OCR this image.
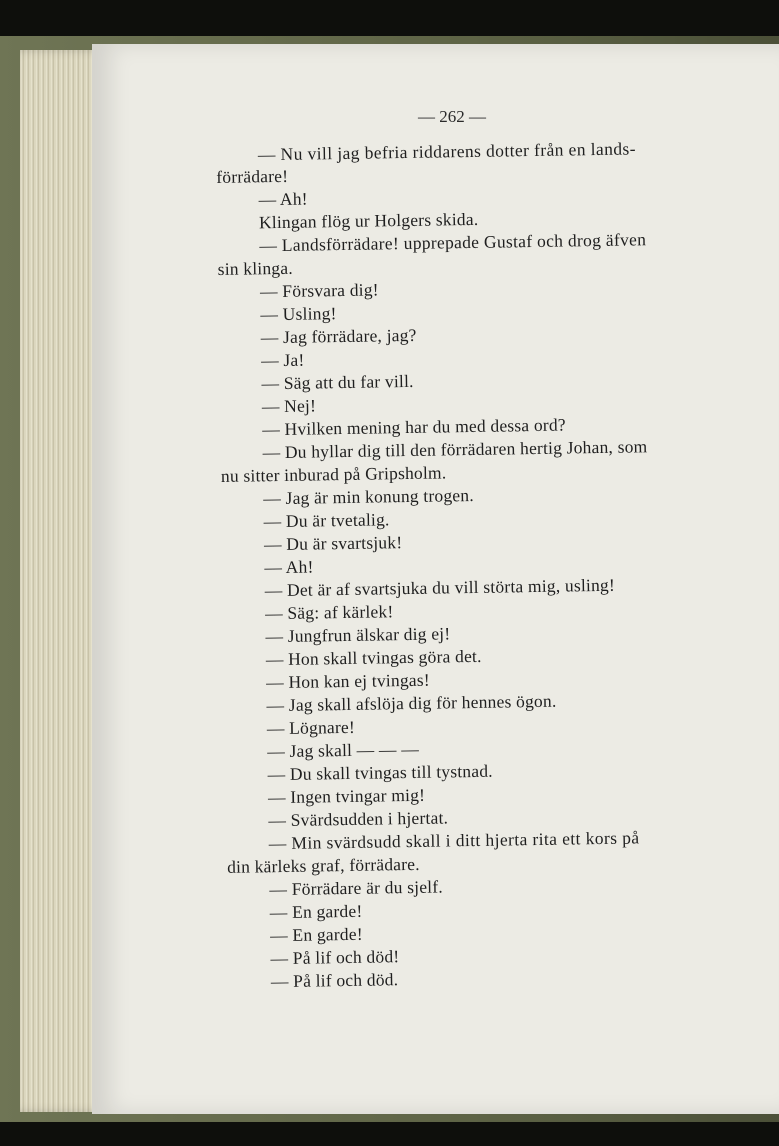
— 262 —
— Nu vill jag befria riddarens dotter från en lands-
förrädare!
— Ah!
Klingan flög ur Holgers skida.
— Landsförrädare! upprepade Gustaf och drog äfven
sin klinga.
— Försvara dig!
— Usling!
— Jag förrädare, jag?
— Ja!
— Säg att du far vill.
— Nej!
— Hvilken mening har du med dessa ord?
— Du hyllar dig till den förrädaren hertig Johan, som
nu sitter inburad på Gripsholm.
— Jag är min konung trogen.
— Du är tvetalig.
— Du är svartsjuk!
— Ah!
— Det är af svartsjuka du vill störta mig, usling!
— Säg: af kärlek!
— Jungfrun älskar dig ej!
— Hon skall tvingas göra det.
— Hon kan ej tvingas!
— Jag skall afslöja dig för hennes ögon.
— Lögnare!
— Jag skall — — —
— Du skall tvingas till tystnad.
— Ingen tvingar mig!
— Svärdsudden i hjertat.
— Min svärdsudd skall i ditt hjerta rita ett kors på
din kärleks graf, förrädare.
— Förrädare är du sjelf.
— En garde!
— En garde!
— På lif och död!
— På lif och död.
